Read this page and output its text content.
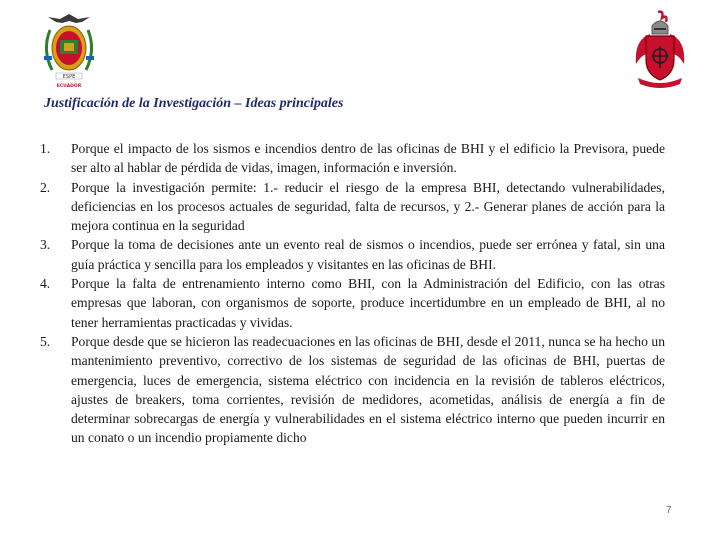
ESPE
ECUADOR
Justificación de la Investigación – Ideas principales
1. Porque el impacto de los sismos e incendios dentro de las oficinas de BHI y el edificio la Previsora, puede ser alto al hablar de pérdida de vidas, imagen, información e inversión.
2. Porque la investigación permite: 1.- reducir el riesgo de la empresa BHI, detectando vulnerabilidades, deficiencias en los procesos actuales de seguridad, falta de recursos, y 2.- Generar planes de acción para la mejora continua en la seguridad
3. Porque la toma de decisiones ante un evento real de sismos o incendios, puede ser errónea y fatal, sin una guía práctica y sencilla para los empleados y visitantes en las oficinas de BHI.
4. Porque la falta de entrenamiento interno como BHI, con la Administración del Edificio, con las otras empresas que laboran, con organismos de soporte, produce incertidumbre en un empleado de BHI, al no tener herramientas practicadas y vividas.
5. Porque desde que se hicieron las readecuaciones en las oficinas de BHI, desde el 2011, nunca se ha hecho un mantenimiento preventivo, correctivo de los sistemas de seguridad de las oficinas de BHI, puertas de emergencia, luces de emergencia, sistema eléctrico con incidencia en la revisión de tableros eléctricos, ajustes de breakers, toma corrientes, revisión de medidores, acometidas, análisis de energía a fin de determinar sobrecargas de energía y vulnerabilidades en el sistema eléctrico interno que pueden incurrir en un conato o un incendio propiamente dicho
7
